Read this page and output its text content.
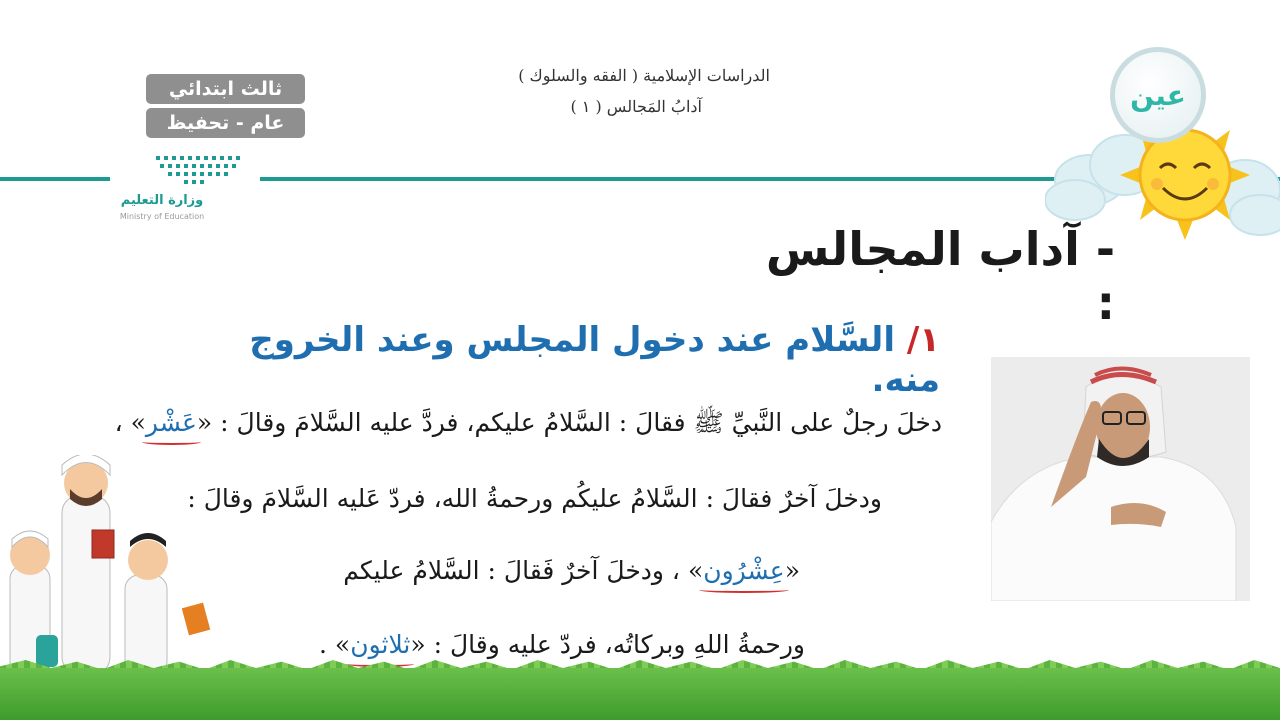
ثالث ابتدائي
عام - تحفيظ
وزارة التعليم
Ministry of Education
الدراسات الإسلامية ( الفقه والسلوك )
آدابُ المَجالس ( ١ )	عين
- آداب المجالس :
١/ السَّلام عند دخول المجلس وعند الخروج منه.
دخلَ رجلٌ على النَّبيِّ ﷺ فقالَ : السَّلامُ عليكم، فردَّ عليه السَّلامَ وقالَ : «عَشْر» ،
ودخلَ آخرٌ فقالَ : السَّلامُ عليكُم ورحمةُ الله، فردّ عَليه السَّلامَ وقالَ :
«عِشْرُون» ، ودخلَ آخرٌ فَقالَ : السَّلامُ عليكم
ورحمةُ اللهِ وبركاتُه، فردّ عليه وقالَ : «ثلاثون» .
